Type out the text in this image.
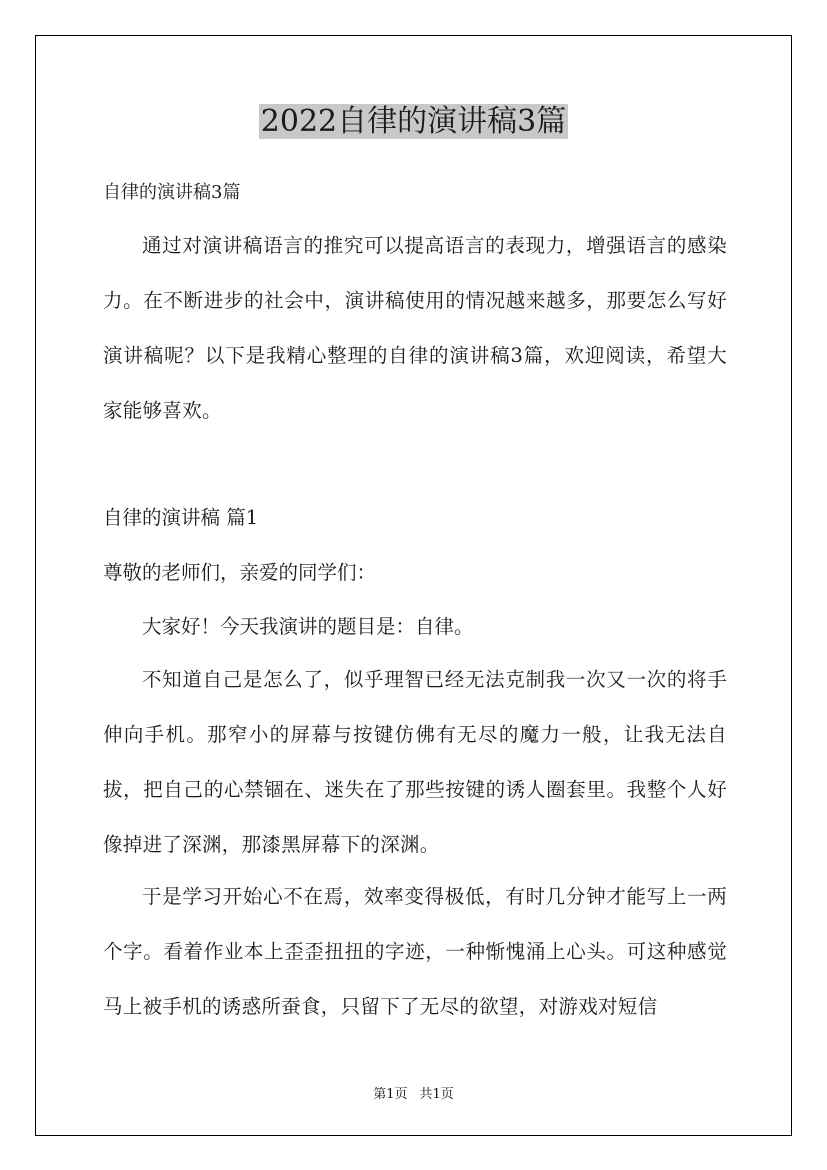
2022自律的演讲稿3篇
自律的演讲稿3篇

通过对演讲稿语言的推究可以提高语言的表现力，增强语言的感染力。在不断进步的社会中，演讲稿使用的情况越来越多，那要怎么写好演讲稿呢？以下是我精心整理的自律的演讲稿3篇，欢迎阅读，希望大家能够喜欢。

自律的演讲稿 篇1
尊敬的老师们，亲爱的同学们：
大家好！今天我演讲的题目是：自律。

不知道自己是怎么了，似乎理智已经无法克制我一次又一次的将手伸向手机。那窄小的屏幕与按键仿佛有无尽的魔力一般，让我无法自拔，把自己的心禁锢在、迷失在了那些按键的诱人圈套里。我整个人好像掉进了深渊，那漆黑屏幕下的深渊。

于是学习开始心不在焉，效率变得极低，有时几分钟才能写上一两个字。看着作业本上歪歪扭扭的字迹，一种惭愧涌上心头。可这种感觉马上被手机的诱惑所蚕食，只留下了无尽的欲望，对游戏对短信

第1页 共1页
